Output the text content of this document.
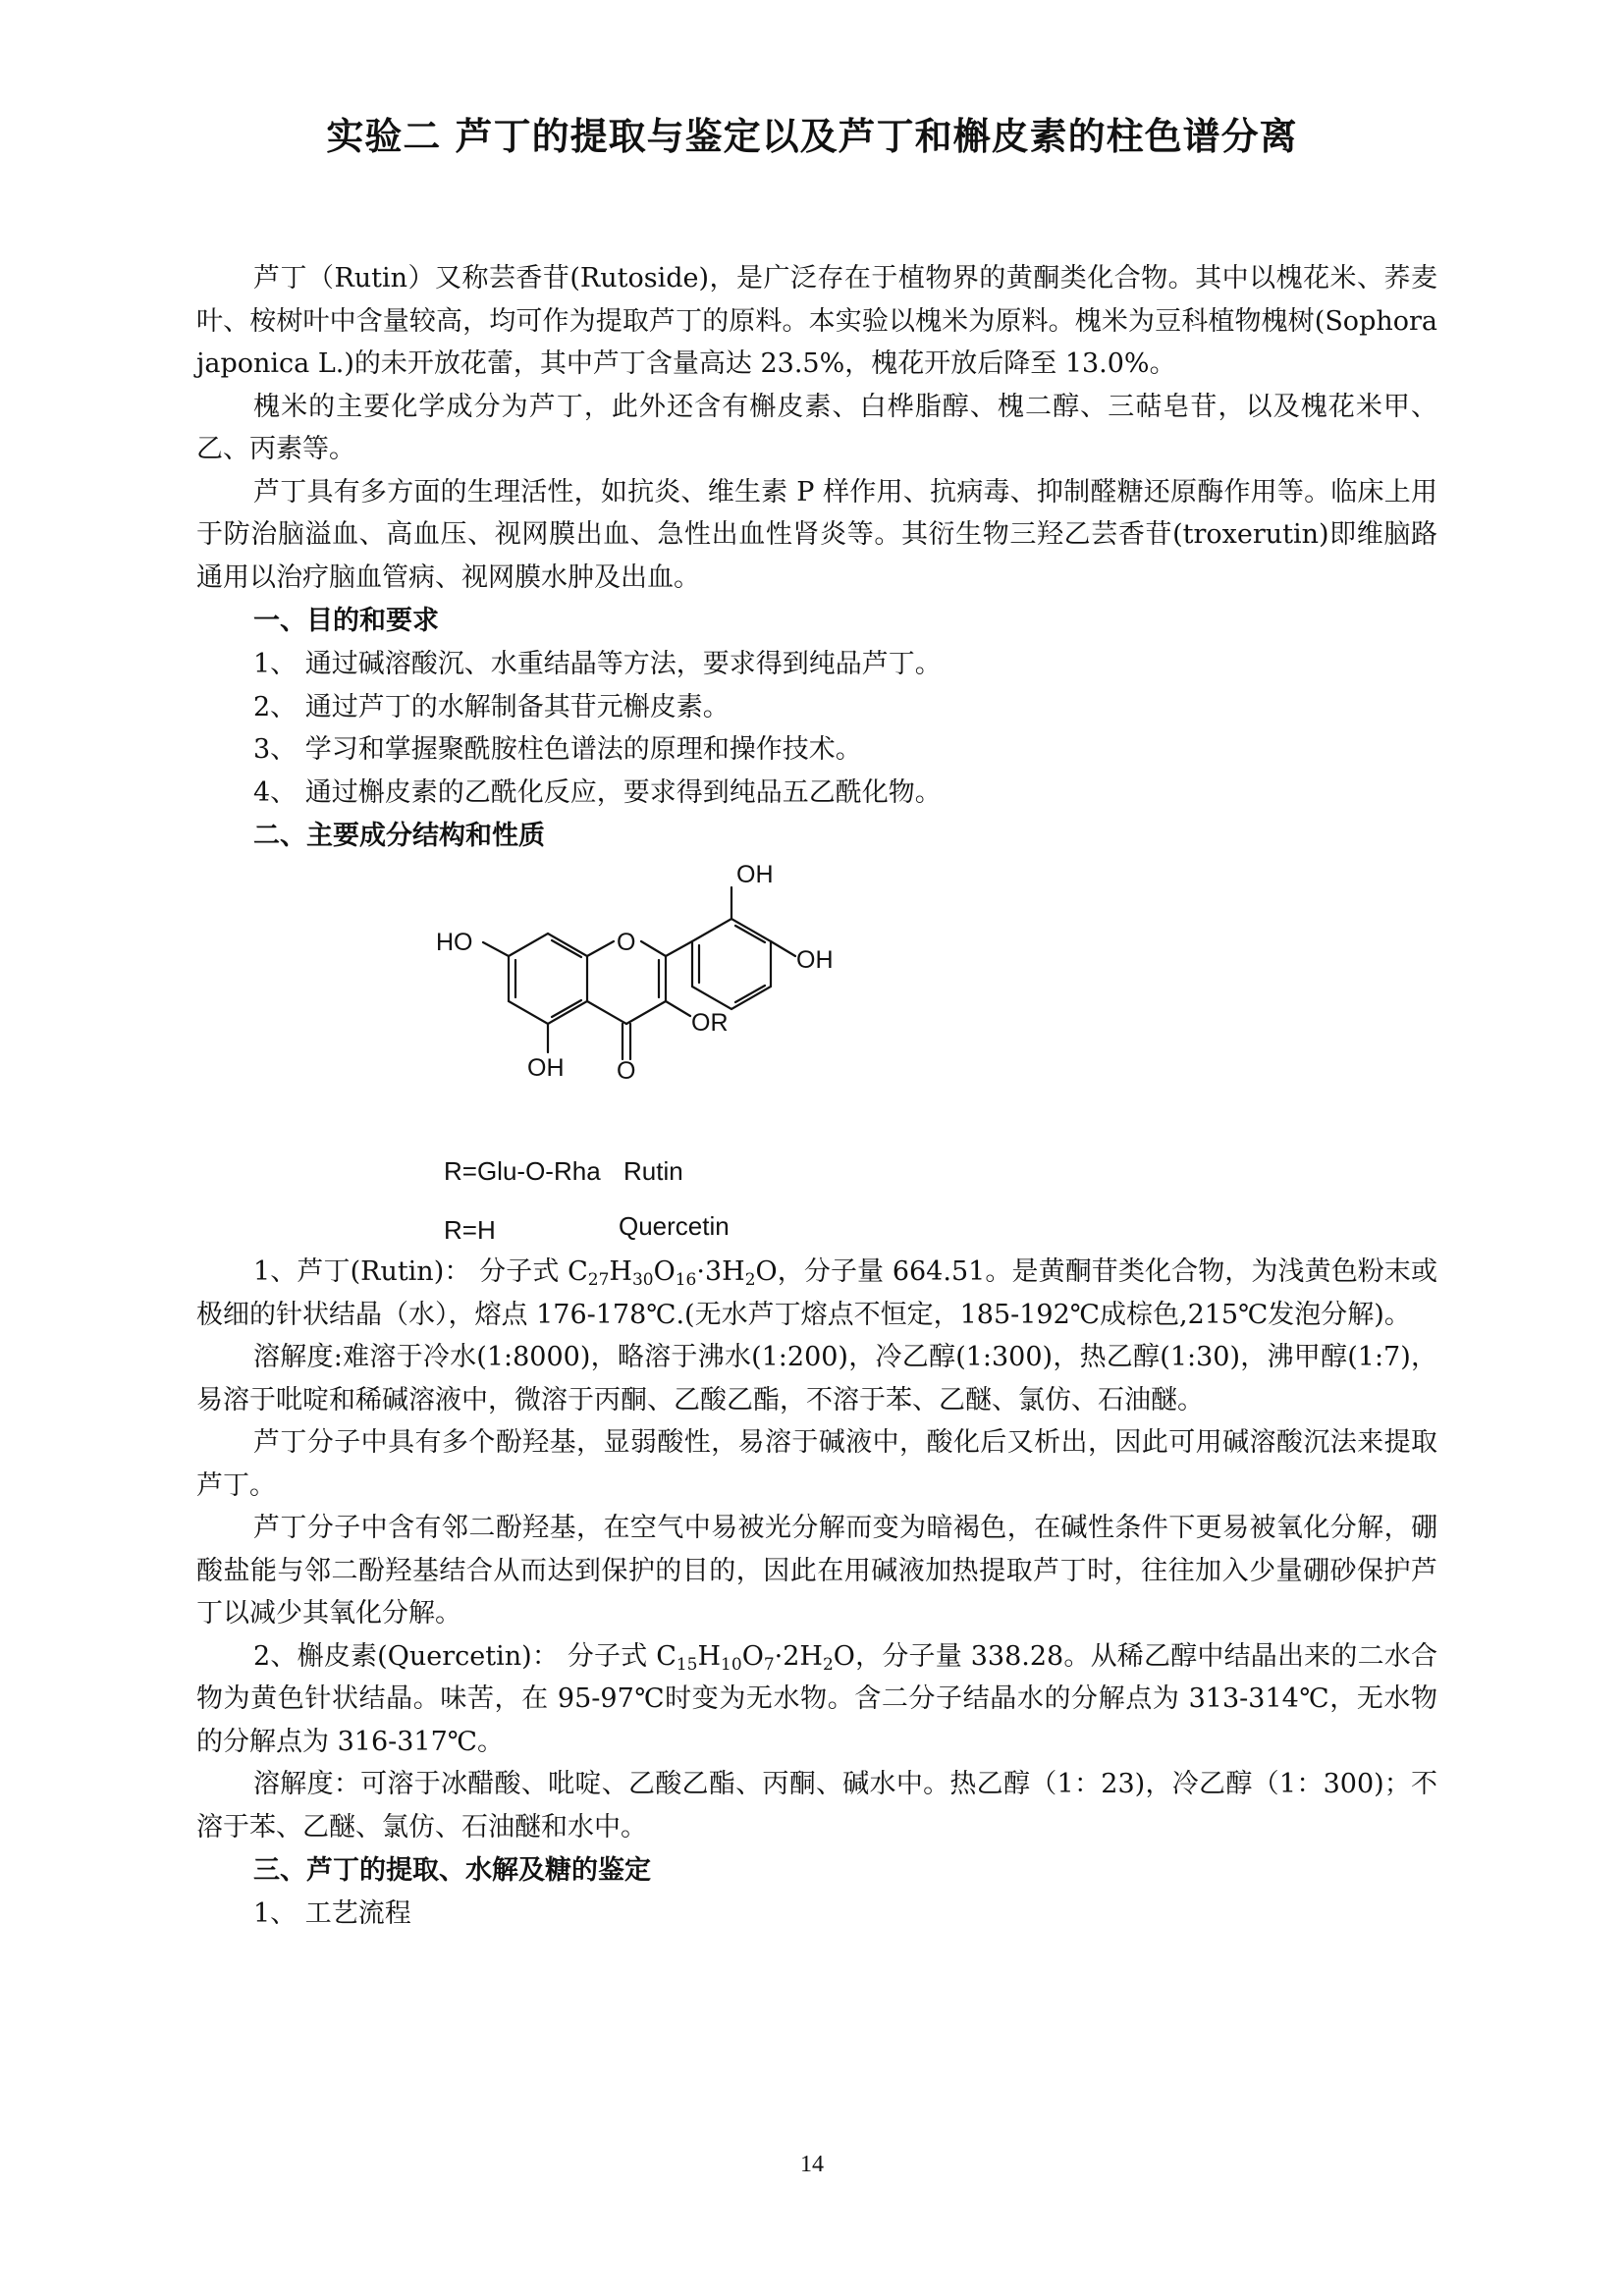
实验二 芦丁的提取与鉴定以及芦丁和槲皮素的柱色谱分离

芦丁（Rutin）又称芸香苷(Rutoside)，是广泛存在于植物界的黄酮类化合物。其中以槐花米、荞麦叶、桉树叶中含量较高，均可作为提取芦丁的原料。本实验以槐米为原料。槐米为豆科植物槐树(Sophora japonica L.)的未开放花蕾，其中芦丁含量高达 23.5%，槐花开放后降至 13.0%。

槐米的主要化学成分为芦丁，此外还含有槲皮素、白桦脂醇、槐二醇、三萜皂苷，以及槐花米甲、乙、丙素等。

芦丁具有多方面的生理活性，如抗炎、维生素 P 样作用、抗病毒、抑制醛糖还原酶作用等。临床上用于防治脑溢血、高血压、视网膜出血、急性出血性肾炎等。其衍生物三羟乙芸香苷(troxerutin)即维脑路通用以治疗脑血管病、视网膜水肿及出血。

一、目的和要求
1、 通过碱溶酸沉、水重结晶等方法，要求得到纯品芦丁。
2、 通过芦丁的水解制备其苷元槲皮素。
3、 学习和掌握聚酰胺柱色谱法的原理和操作技术。
4、 通过槲皮素的乙酰化反应，要求得到纯品五乙酰化物。
二、主要成分结构和性质
OH
HO	O
OH
OR
OH O
R=Glu-O-Rha Rutin
R=H	Quercetin

1、芦丁(Rutin)： 分子式 $C_{27}H_{30}O_{16}\cdot 3H_2O$，分子量 664.51。是黄酮苷类化合物，为浅黄色粉末或极细的针状结晶（水），熔点 176-178℃.(无水芦丁熔点不恒定，185-192℃成棕色,215℃发泡分解)。

溶解度:难溶于冷水(1:8000)，略溶于沸水(1:200)，冷乙醇(1:300)，热乙醇(1:30)，沸甲醇(1:7)，易溶于吡啶和稀碱溶液中，微溶于丙酮、乙酸乙酯，不溶于苯、乙醚、氯仿、石油醚。

芦丁分子中具有多个酚羟基，显弱酸性，易溶于碱液中，酸化后又析出，因此可用碱溶酸沉法来提取芦丁。

芦丁分子中含有邻二酚羟基，在空气中易被光分解而变为暗褐色，在碱性条件下更易被氧化分解，硼酸盐能与邻二酚羟基结合从而达到保护的目的，因此在用碱液加热提取芦丁时，往往加入少量硼砂保护芦丁以减少其氧化分解。

2、槲皮素(Quercetin)： 分子式 $C_{15}H_{10}O_7\cdot 2H_2O$，分子量 338.28。从稀乙醇中结晶出来的二水合物为黄色针状结晶。味苦，在 95-97℃时变为无水物。含二分子结晶水的分解点为 313-314℃，无水物的分解点为 316-317℃。

溶解度：可溶于冰醋酸、吡啶、乙酸乙酯、丙酮、碱水中。热乙醇（1：23)，冷乙醇（1：300)；不溶于苯、乙醚、氯仿、石油醚和水中。

三、芦丁的提取、水解及糖的鉴定
1、 工艺流程
14
